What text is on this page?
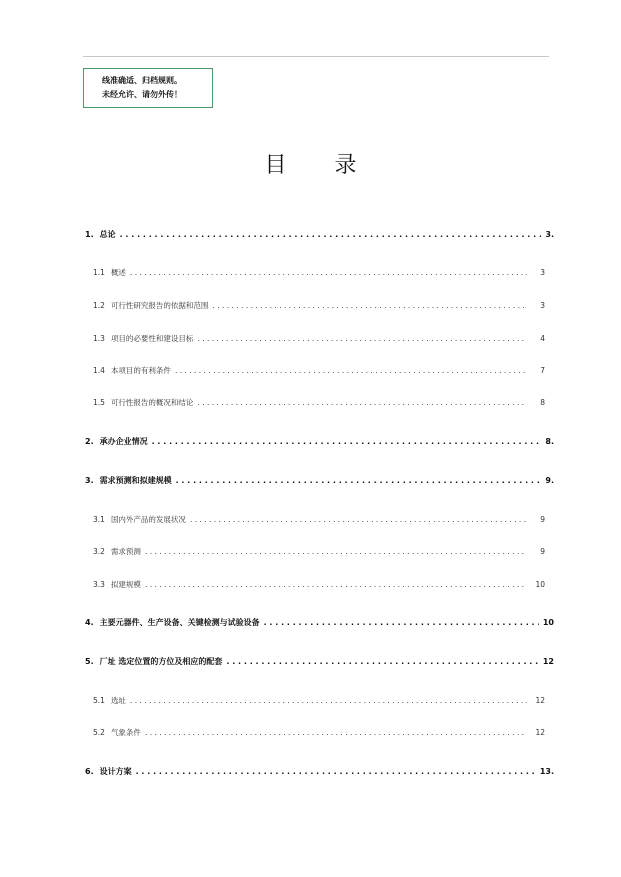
线准确适、归档规则。
未经允许、请勿外传！
目 录
1. 总论 . . .	3.
1.1 概述 . . .	3
1.2 可行性研究报告的依据和范围 . . .	3
1.3 项目的必要性和建设目标 . . .	4
1.4 本项目的有利条件 . . .	7
1.5 可行性报告的概况和结论 . . .	8
2. 承办企业情况 . . .	8.
3. 需求预测和拟建规模 . . .	9.
3.1 国内外产品的发展状况 . . .	9
3.2 需求预测 . . .	9
3.3 拟建规模 . . .	10
4. 主要元器件、生产设备、关键检测与试验设备 . . .	10
5. 厂址 选定位置的方位及相应的配套 . . .	12
5.1 选址 . . .	12
5.2 气象条件 . . .	12
6. 设计方案 . . .	13.
